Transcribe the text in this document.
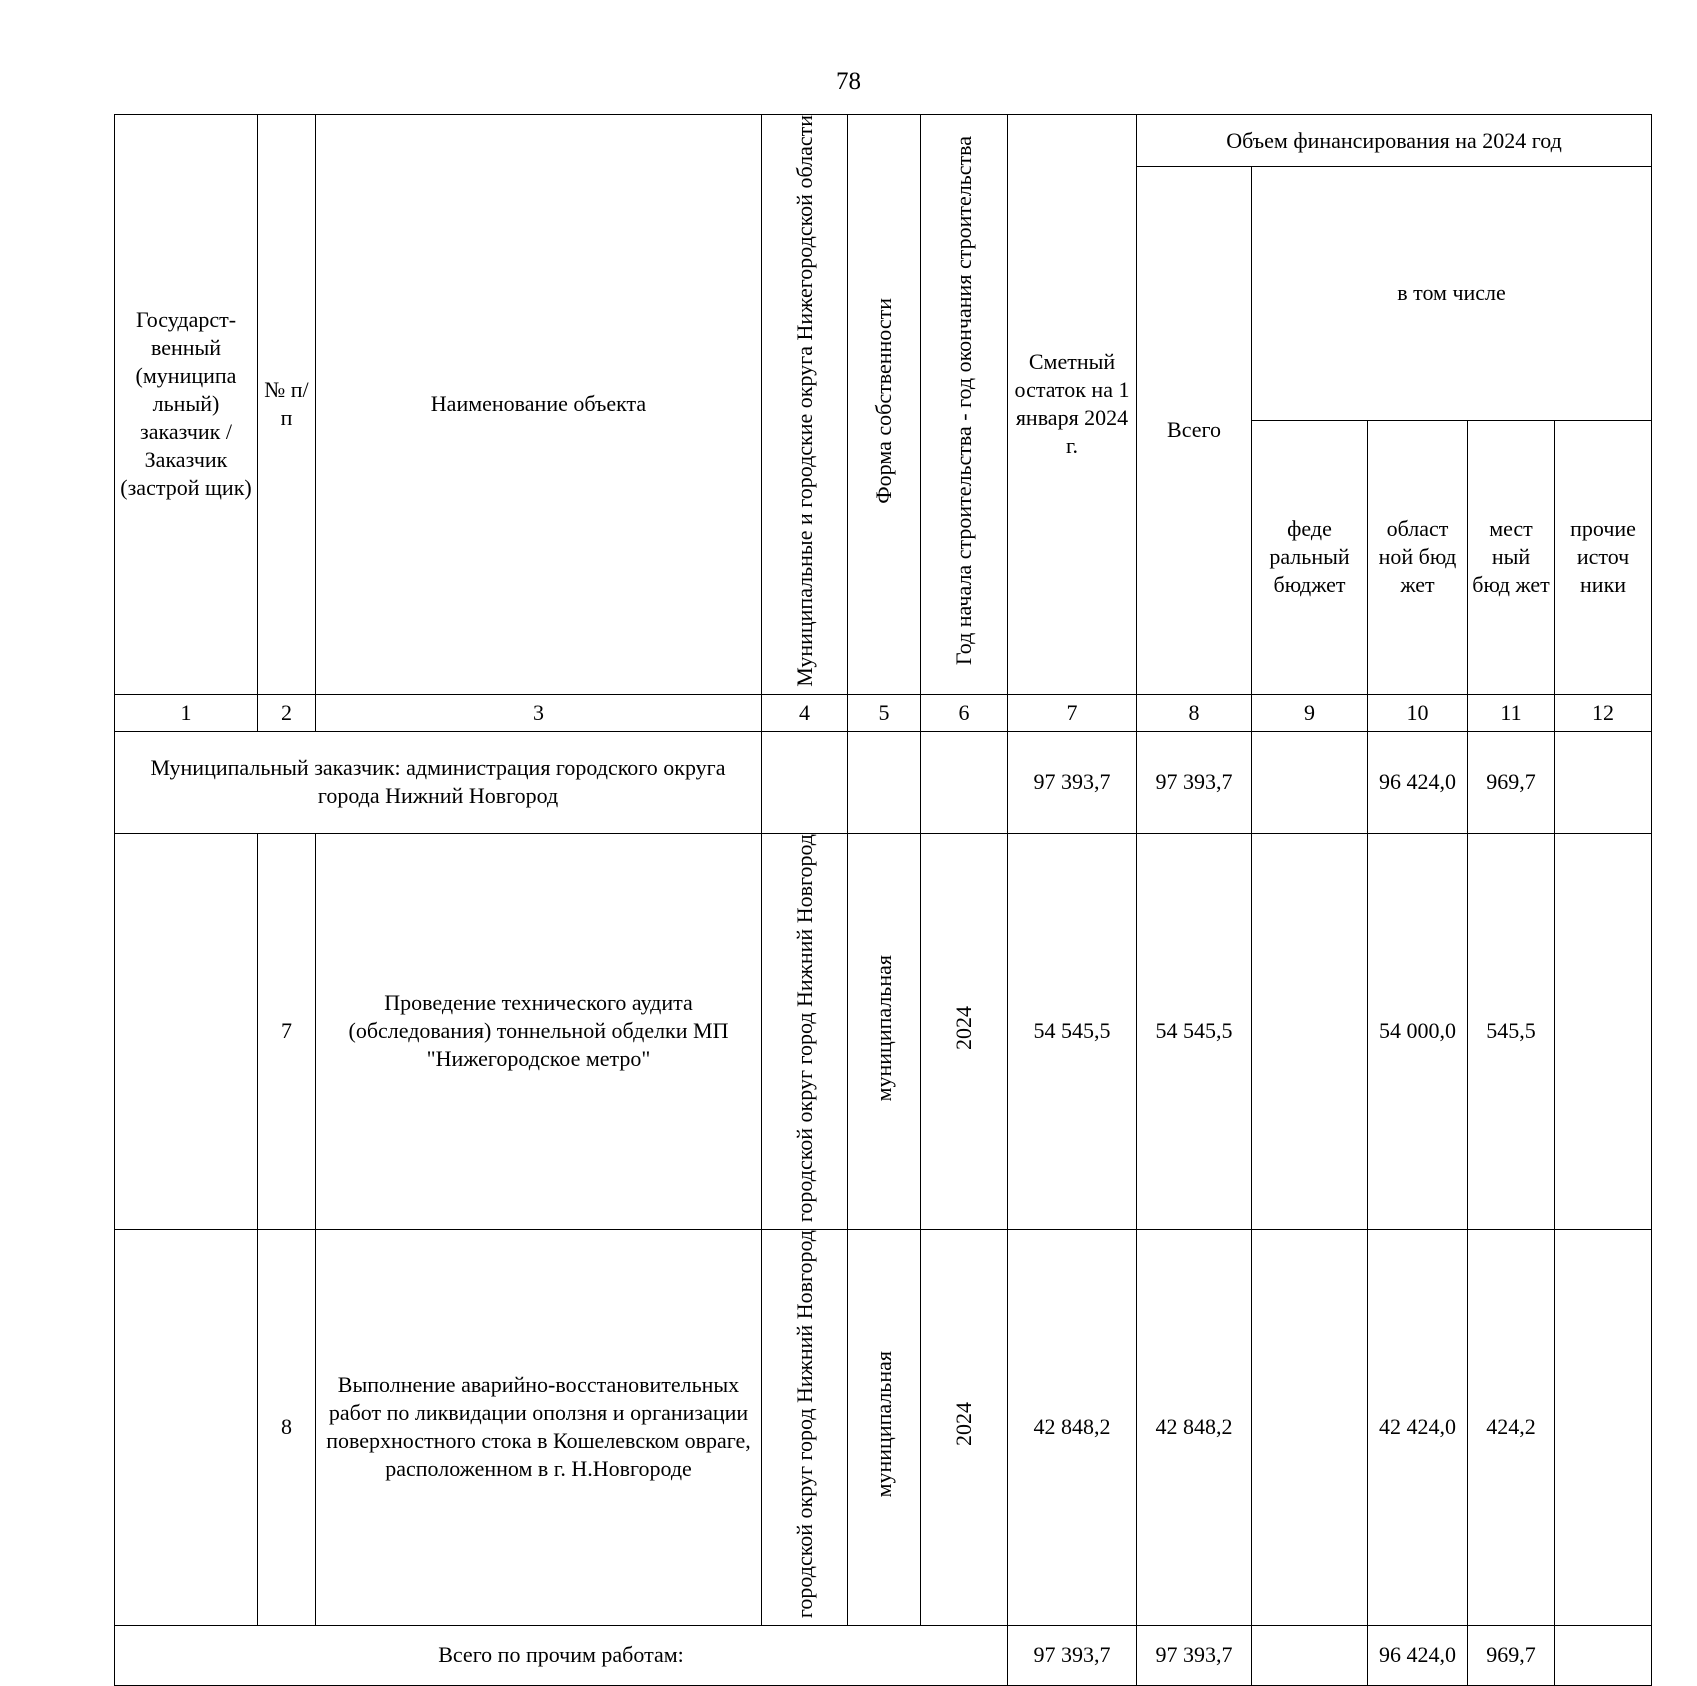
78
Государст-венный (муниципа льный) заказчик / Заказчик (застрой щик)	№ п/п	Наименование объекта	Муниципальные и городские округа Нижегородской области	Форма собственности	Год начала строительства - год окончания строительства	Сметный остаток на 1 января 2024 г.	Объем финансирования на 2024 год				
							Всего	в том числе			
								феде ральный бюджет	област ной бюд жет	мест ный бюд жет	прочие источ ники
1	2	3	4	5	6	7	8	9	10	11	12
Муниципальный заказчик: администрация городского округа города Нижний Новгород						97 393,7	97 393,7		96 424,0	969,7	
	7	Проведение технического аудита (обследования) тоннельной обделки МП "Нижегородское метро"	городской округ город Нижний Новгород	муниципальная	2024	54 545,5	54 545,5		54 000,0	545,5	
	8	Выполнение аварийно-восстановительных работ по ликвидации оползня и организации поверхностного стока в Кошелевском овраге, расположенном в г. Н.Новгороде	городской округ город Нижний Новгород	муниципальная	2024	42 848,2	42 848,2		42 424,0	424,2	
Всего по прочим работам:						97 393,7	97 393,7		96 424,0	969,7	
